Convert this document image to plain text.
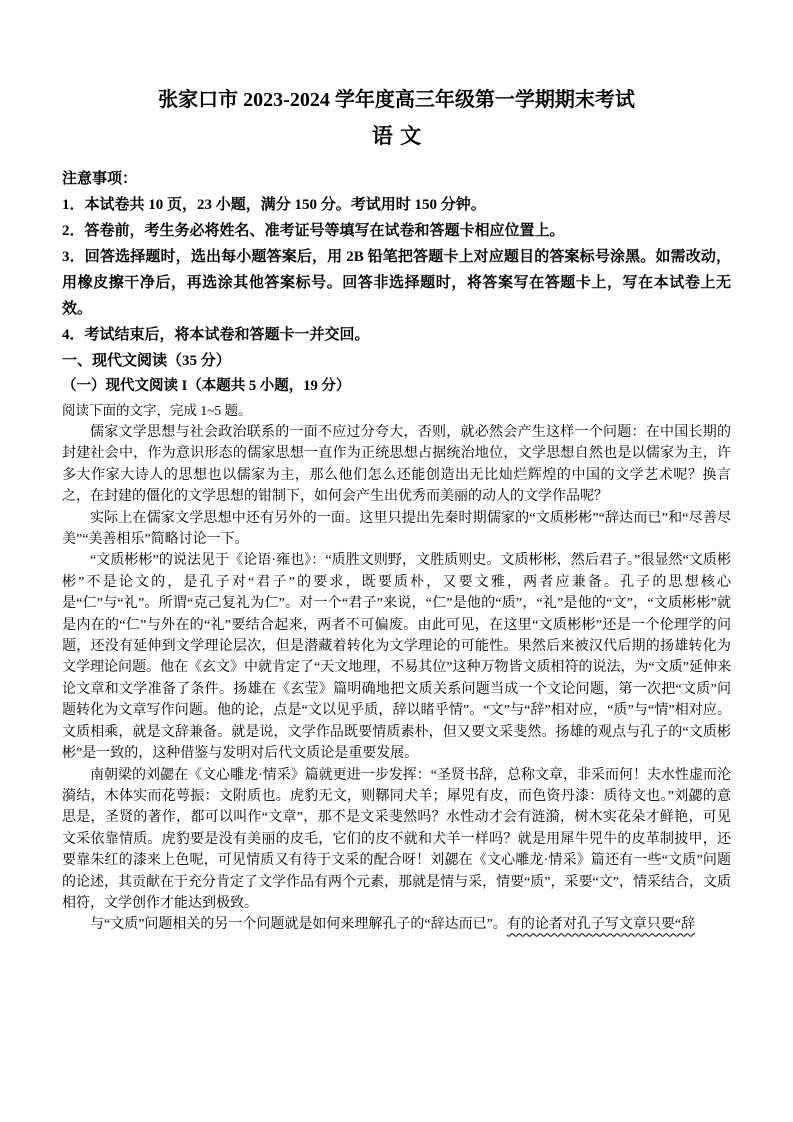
张家口市 2023-2024 学年度高三年级第一学期期末考试
语文

注意事项：

1．本试卷共 10 页，23 小题，满分 150 分。考试用时 150 分钟。

2．答卷前，考生务必将姓名、准考证号等填写在试卷和答题卡相应位置上。

3．回答选择题时，选出每小题答案后，用 2B 铅笔把答题卡上对应题目的答案标号涂黑。如需改动，用橡皮擦干净后，再选涂其他答案标号。回答非选择题时，将答案写在答题卡上，写在本试卷上无效。

4．考试结束后，将本试卷和答题卡一并交回。

一、现代文阅读（35 分）

（一）现代文阅读 I（本题共 5 小题，19 分）

阅读下面的文字，完成 1~5 题。

儒家文学思想与社会政治联系的一面不应过分夸大，否则，就必然会产生这样一个问题：在中国长期的封建社会中，作为意识形态的儒家思想一直作为正统思想占据统治地位，文学思想自然也是以儒家为主，许多大作家大诗人的思想也以儒家为主，那么他们怎么还能创造出无比灿烂辉煌的中国的文学艺术呢？换言之，在封建的僵化的文学思想的钳制下，如何会产生出优秀而美丽的动人的文学作品呢？

实际上在儒家文学思想中还有另外的一面。这里只提出先秦时期儒家的“文质彬彬”“辞达而已”和“尽善尽美”“美善相乐”简略讨论一下。

“文质彬彬”的说法见于《论语·雍也》：“质胜文则野，文胜质则史。文质彬彬，然后君子。”很显然“文质彬彬”不是论文的，是孔子对“君子”的要求，既要质朴，又要文雅，两者应兼备。孔子的思想核心是“仁”与“礼”。所谓“克己复礼为仁”。对一个“君子”来说，“仁”是他的“质”，“礼”是他的“文”，“文质彬彬”就是内在的“仁”与外在的“礼”要结合起来，两者不可偏废。由此可见，在这里“文质彬彬”还是一个伦理学的问题，还没有延伸到文学理论层次，但是潜藏着转化为文学理论的可能性。果然后来被汉代后期的扬雄转化为文学理论问题。他在《玄文》中就肯定了“天文地理，不易其位”这种万物皆文质相符的说法，为“文质”延伸来论文章和文学准备了条件。扬雄在《玄莹》篇明确地把文质关系问题当成一个文论问题，第一次把“文质”问题转化为文章写作问题。他的论，点是“文以见乎质，辞以睹乎情”。“文”与“辞”相对应，“质”与“情”相对应。文质相乘，就是文辞兼备。就是说，文学作品既要情质素朴，但又要文采斐然。扬雄的观点与孔子的“文质彬彬”是一致的，这种借鉴与发明对后代文质论是重要发展。

南朝梁的刘勰在《文心雕龙·情采》篇就更进一步发挥：“圣贤书辞，总称文章，非采而何！夫水性虚而沦漪结，木体实而花萼振：文附质也。虎豹无文，则鞹同犬羊；犀兕有皮，而色资丹漆：质待文也。”刘勰的意思是，圣贤的著作，都可以叫作“文章”，那不是文采斐然吗？水性动才会有涟漪，树木实花朵才鲜艳，可见文采依靠情质。虎豹要是没有美丽的皮毛，它们的皮不就和犬羊一样吗？就是用犀牛兕牛的皮革制披甲，还要靠朱红的漆来上色呢，可见情质又有待于文采的配合呀！刘勰在《文心雕龙·情采》篇还有一些“文质”问题的论述，其贡献在于充分肯定了文学作品有两个元素，那就是情与采，情要“质”，采要“文”，情采结合，文质相符，文学创作才能达到极致。

与“文质”问题相关的另一个问题就是如何来理解孔子的“辞达而已”。有的论者对孔子写文章只要“辞
